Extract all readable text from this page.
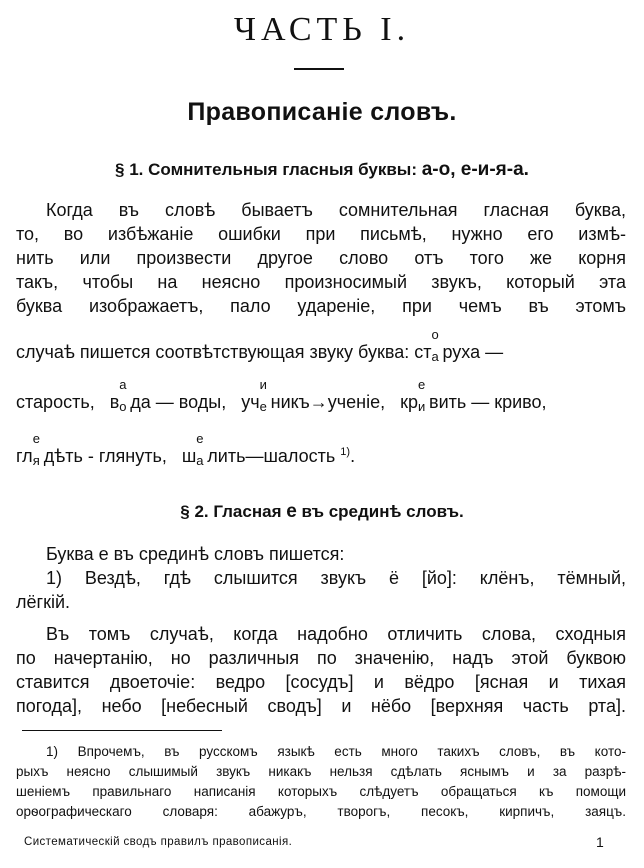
ЧАСТЬ I.
Правописаніе словъ.
§ 1. Сомнительныя гласныя буквы: а-о, е-и-я-а.
Когда въ словѣ бываетъ сомнительная гласная буква,
то, во избѣжаніе ошибки при письмѣ, нужно его измѣ-
нить или произвести другое слово отъ того же корня
такъ, чтобы на неясно произносимый звукъ, который эта
буква изображаетъ, пало удареніе, при чемъ въ этомъ
случаѣ пишется соотвѣтствующая звуку буква: ст
о
а руха —
старость, в
а
о да — воды, уч
и
е никъ→ученіе, кр
е
и вить — криво,
гл
е
я дѣть - глянуть, ш
е
а лить—шалость $^{1)}$.
§ 2. Гласная е въ срединѣ словъ.
Буква е въ срединѣ словъ пишется:
1) Вездѣ, гдѣ слышится звукъ ё [йо]: клёнъ, тёмный,
лёгкій.
Въ томъ случаѣ, когда надобно отличить слова, сходныя
по начертанію, но различныя по значенію, надъ этой буквою
ставится двоеточіе: ведро [сосудъ] и вёдро [ясная и тихая
погода], небо [небесный сводъ] и нёбо [верхняя часть рта].
1) Впрочемъ, въ русскомъ языкѣ есть много такихъ словъ, въ кото-
рыхъ неясно слышимый звукъ никакъ нельзя сдѣлать яснымъ и за разрѣ-
шеніемъ правильнаго написанія которыхъ слѣдуетъ обращаться къ помощи
орѳографическаго словаря: абажуръ, творогъ, песокъ, кирпичъ, заяцъ.
Систематическій сводъ правилъ правописанія.	1
